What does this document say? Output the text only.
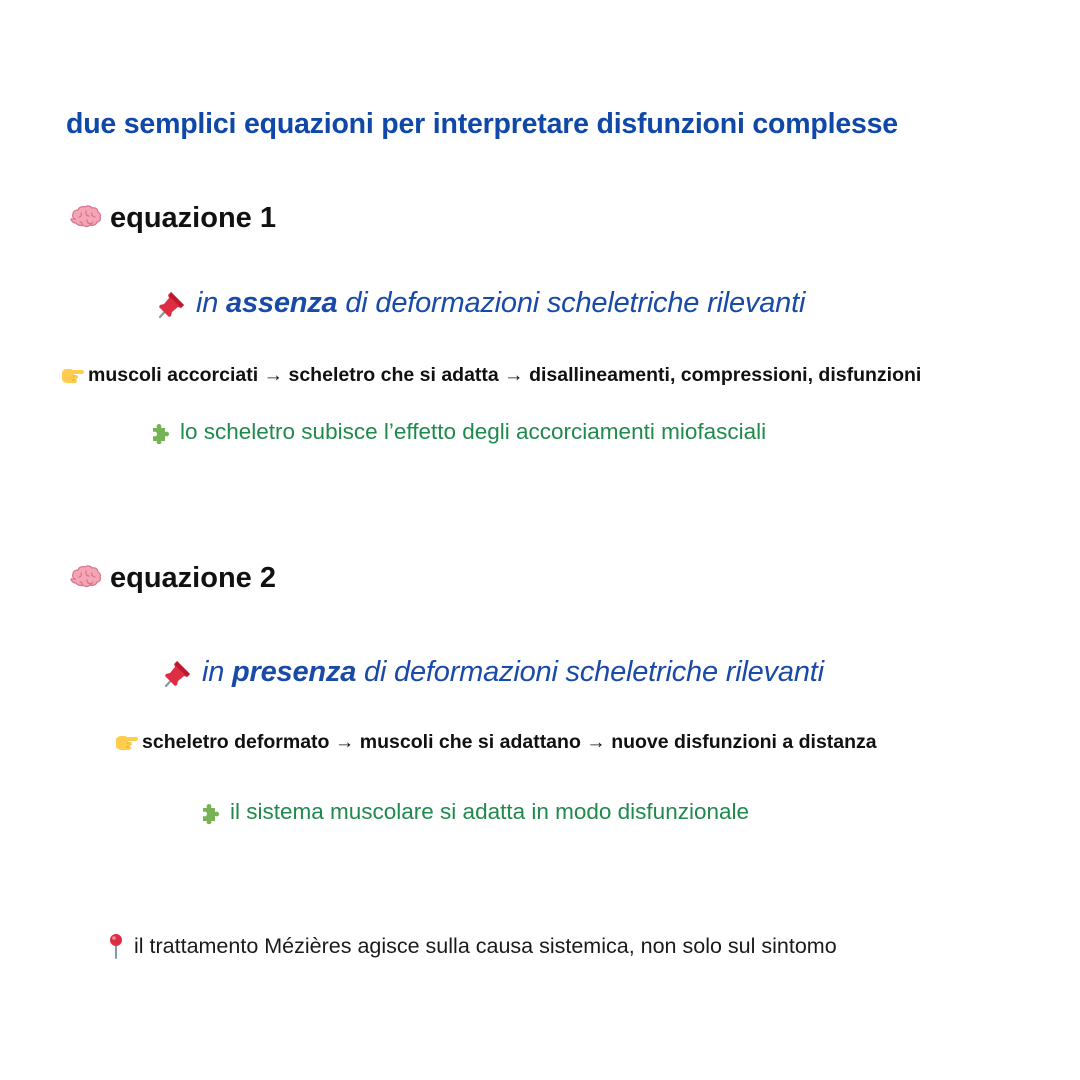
due semplici equazioni per interpretare disfunzioni complesse
equazione 1
in
assenza
di deformazioni scheletriche rilevanti
muscoli accorciati → scheletro che si adatta → disallineamenti, compressioni, disfunzioni
lo scheletro subisce l’effetto degli accorciamenti miofasciali
equazione 2
in
presenza
di deformazioni scheletriche rilevanti
scheletro deformato → muscoli che si adattano → nuove disfunzioni a distanza
il sistema muscolare si adatta in modo disfunzionale
il trattamento Mézières agisce sulla causa sistemica, non solo sul sintomo
